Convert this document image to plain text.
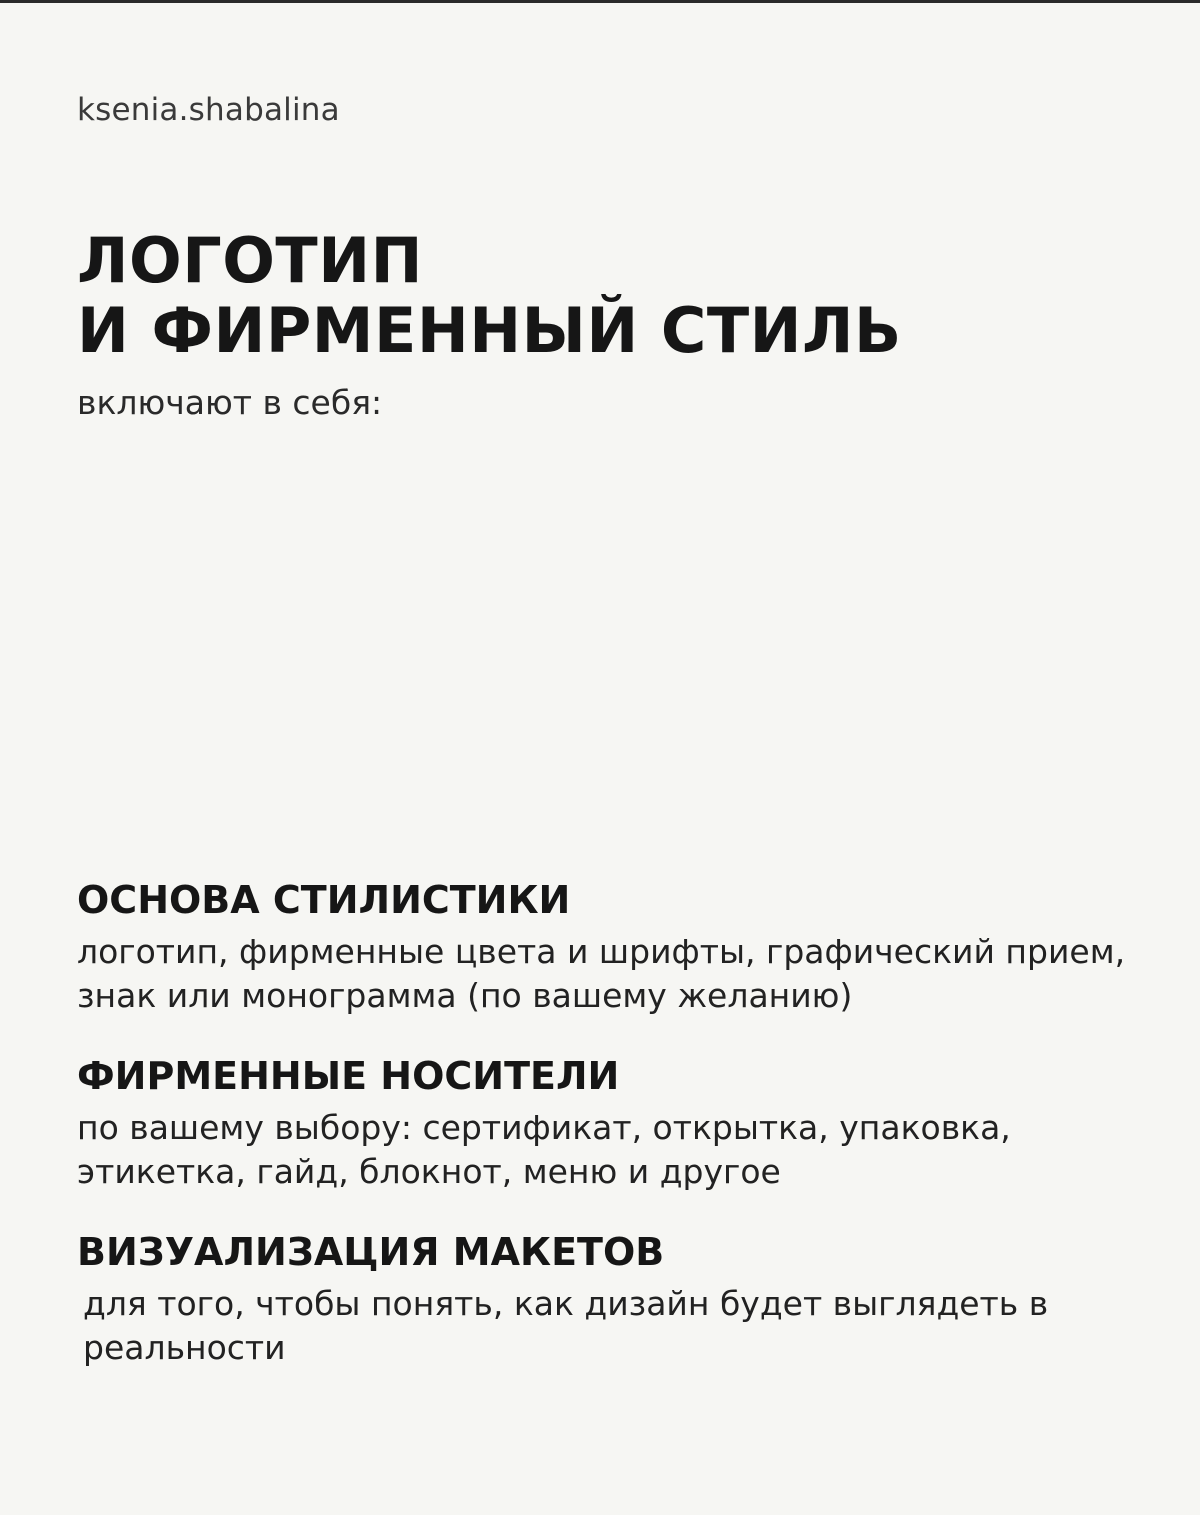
ksenia.shabalina
ЛОГОТИП
И ФИРМЕННЫЙ СТИЛЬ
включают в себя:
ОСНОВА СТИЛИСТИКИ

логотип, фирменные цвета и шрифты, графический прием, знак или монограмма (по вашему желанию)

ФИРМЕННЫЕ НОСИТЕЛИ

по вашему выбору: сертификат, открытка, упаковка, этикетка, гайд, блокнот, меню и другое

ВИЗУАЛИЗАЦИЯ МАКЕТОВ

для того, чтобы понять, как дизайн будет выглядеть в реальности
